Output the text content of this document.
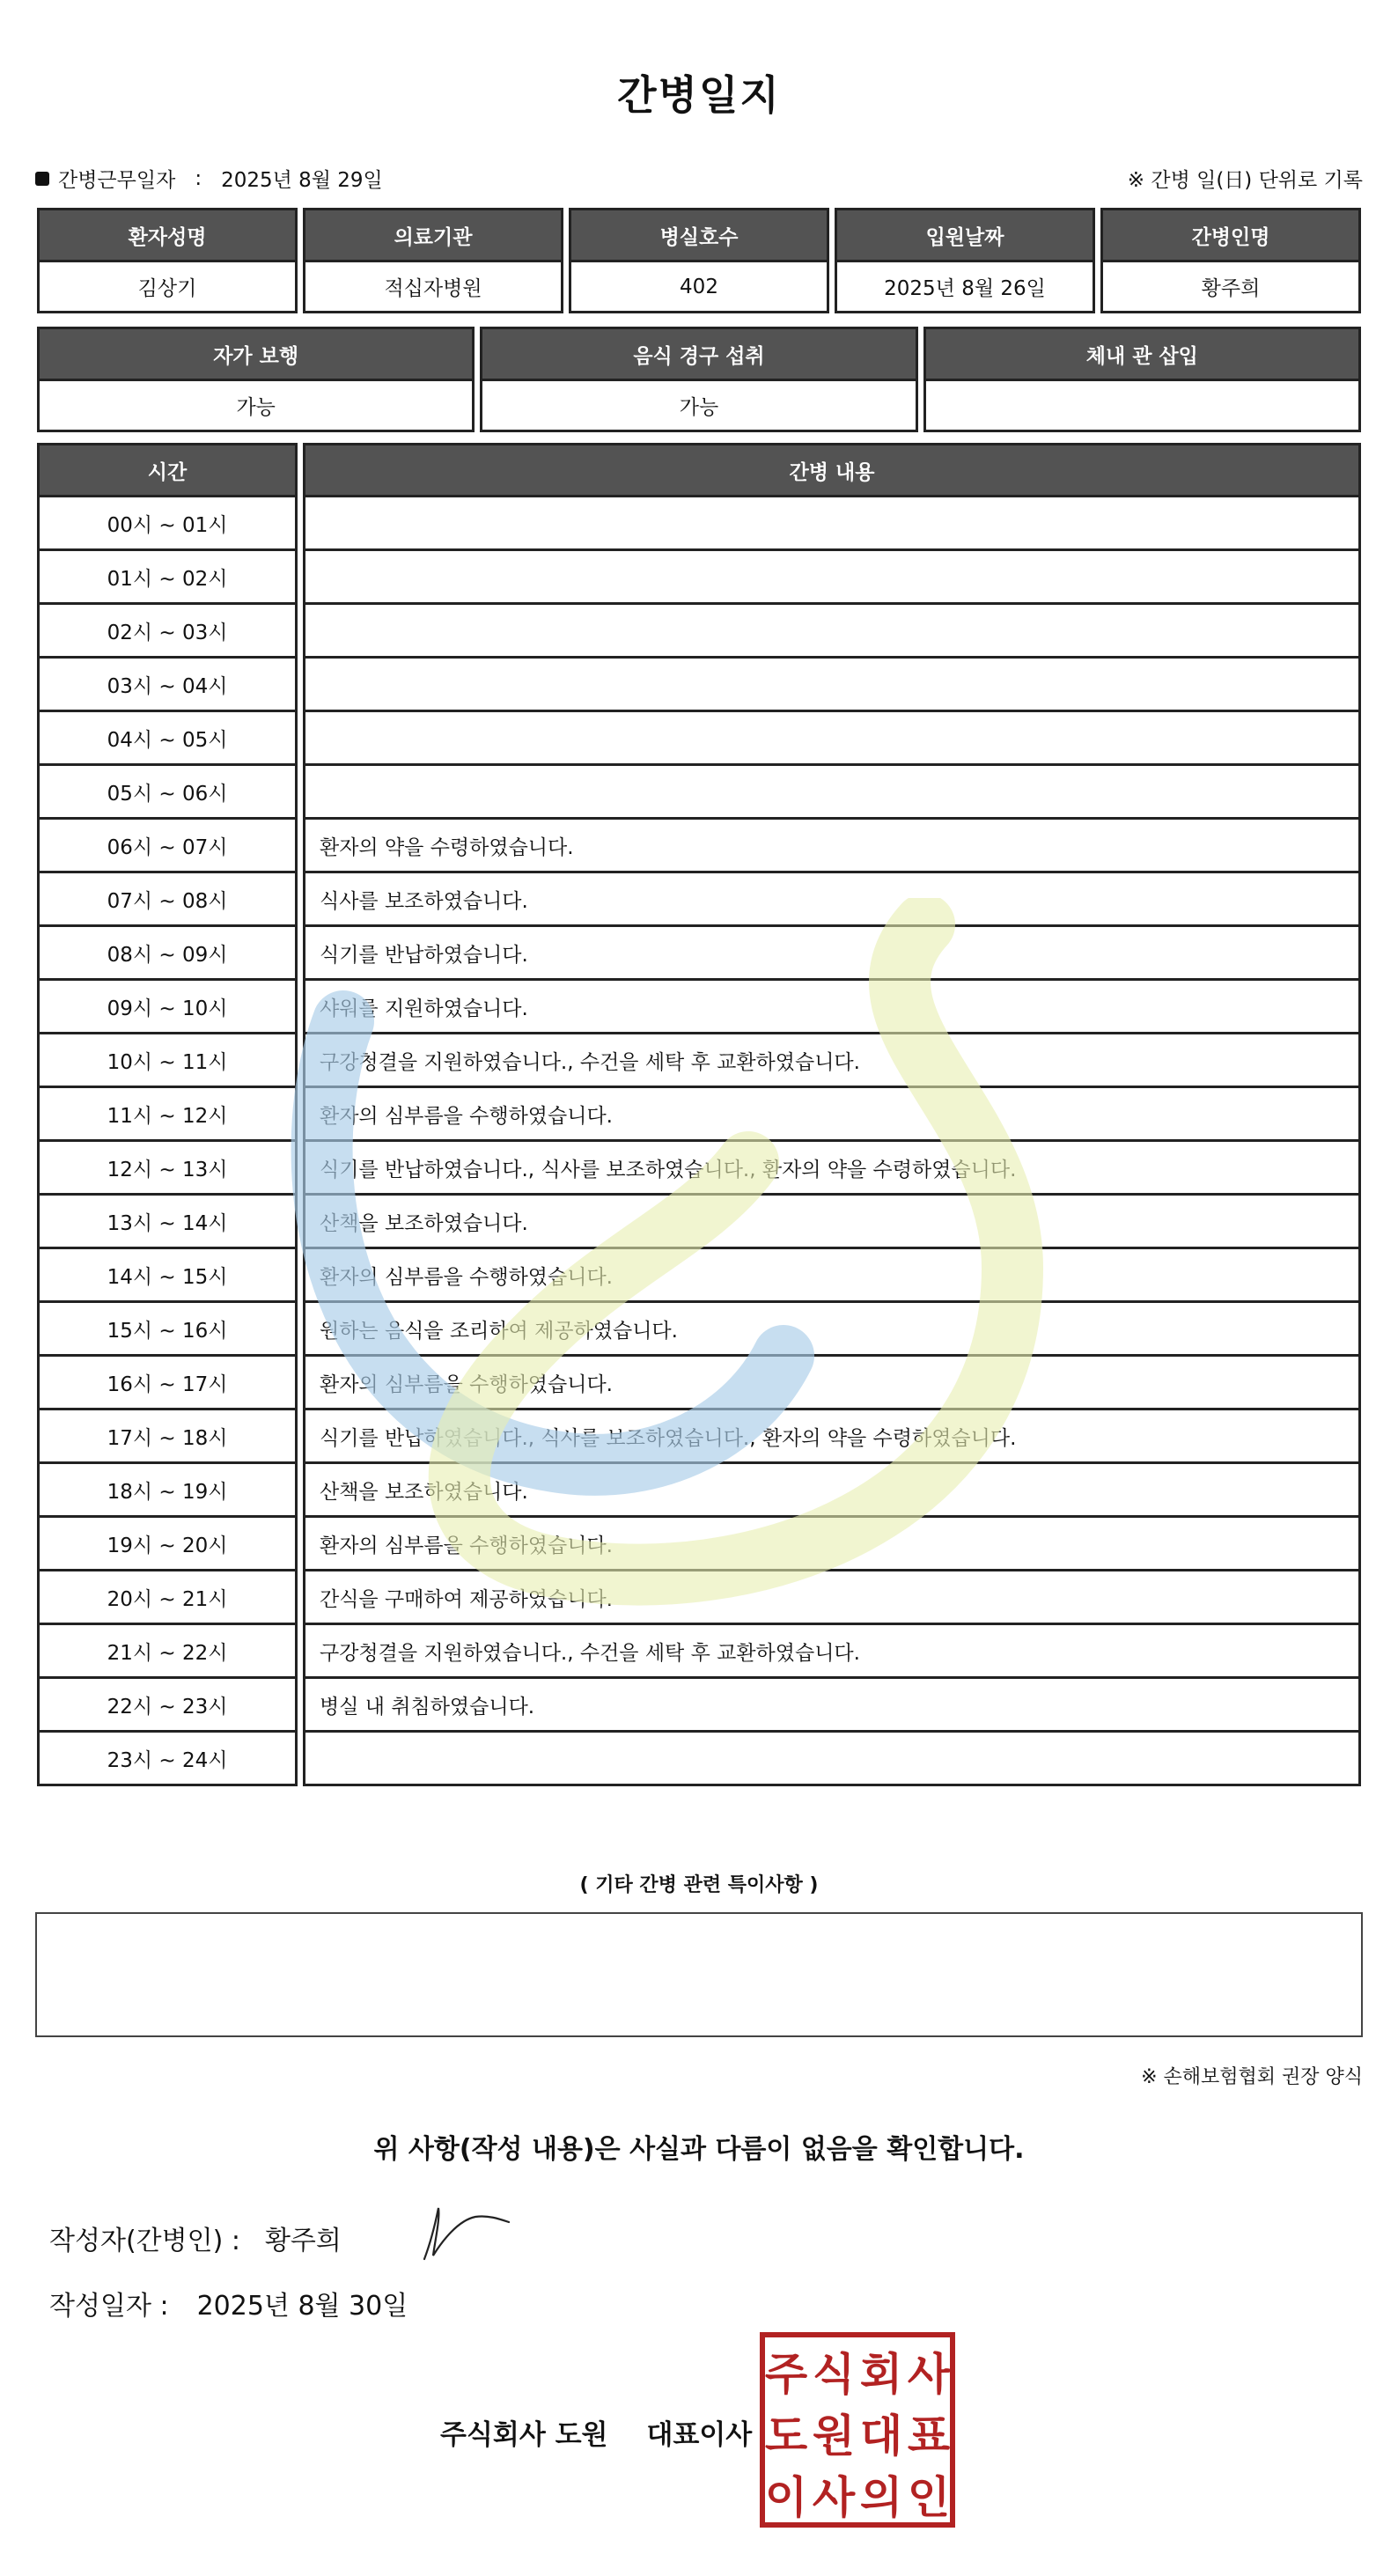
간병일지
간병근무일자 : 2025년 8월 29일	※ 간병 일(日) 단위로 기록
환자성명	의료기관	병실호수	입원날짜	간병인명
김상기	적십자병원	402	2025년 8월 26일	황주희
자가 보행	음식 경구 섭취	체내 관 삽입
가능	가능	
시간	간병 내용
00시 ~ 01시	
01시 ~ 02시	
02시 ~ 03시	
03시 ~ 04시	
04시 ~ 05시	
05시 ~ 06시	
06시 ~ 07시	환자의 약을 수령하였습니다.
07시 ~ 08시	식사를 보조하였습니다.
08시 ~ 09시	식기를 반납하였습니다.
09시 ~ 10시	샤워를 지원하였습니다.
10시 ~ 11시	구강청결을 지원하였습니다., 수건을 세탁 후 교환하였습니다.
11시 ~ 12시	환자의 심부름을 수행하였습니다.
12시 ~ 13시	식기를 반납하였습니다., 식사를 보조하였습니다., 환자의 약을 수령하였습니다.
13시 ~ 14시	산책을 보조하였습니다.
14시 ~ 15시	환자의 심부름을 수행하였습니다.
15시 ~ 16시	원하는 음식을 조리하여 제공하였습니다.
16시 ~ 17시	환자의 심부름을 수행하였습니다.
17시 ~ 18시	식기를 반납하였습니다., 식사를 보조하였습니다., 환자의 약을 수령하였습니다.
18시 ~ 19시	산책을 보조하였습니다.
19시 ~ 20시	환자의 심부름을 수행하였습니다.
20시 ~ 21시	간식을 구매하여 제공하였습니다.
21시 ~ 22시	구강청결을 지원하였습니다., 수건을 세탁 후 교환하였습니다.
22시 ~ 23시	병실 내 취침하였습니다.
23시 ~ 24시	
( 기타 간병 관련 특이사항 )
※ 손해보험협회 권장 양식
위 사항(작성 내용)은 사실과 다름이 없음을 확인합니다.
작성자(간병인) : 황주희
작성일자 : 2025년 8월 30일
주식회사 도원 대표이사
주 식 회 사
도 원 대 표
이 사 의 인
